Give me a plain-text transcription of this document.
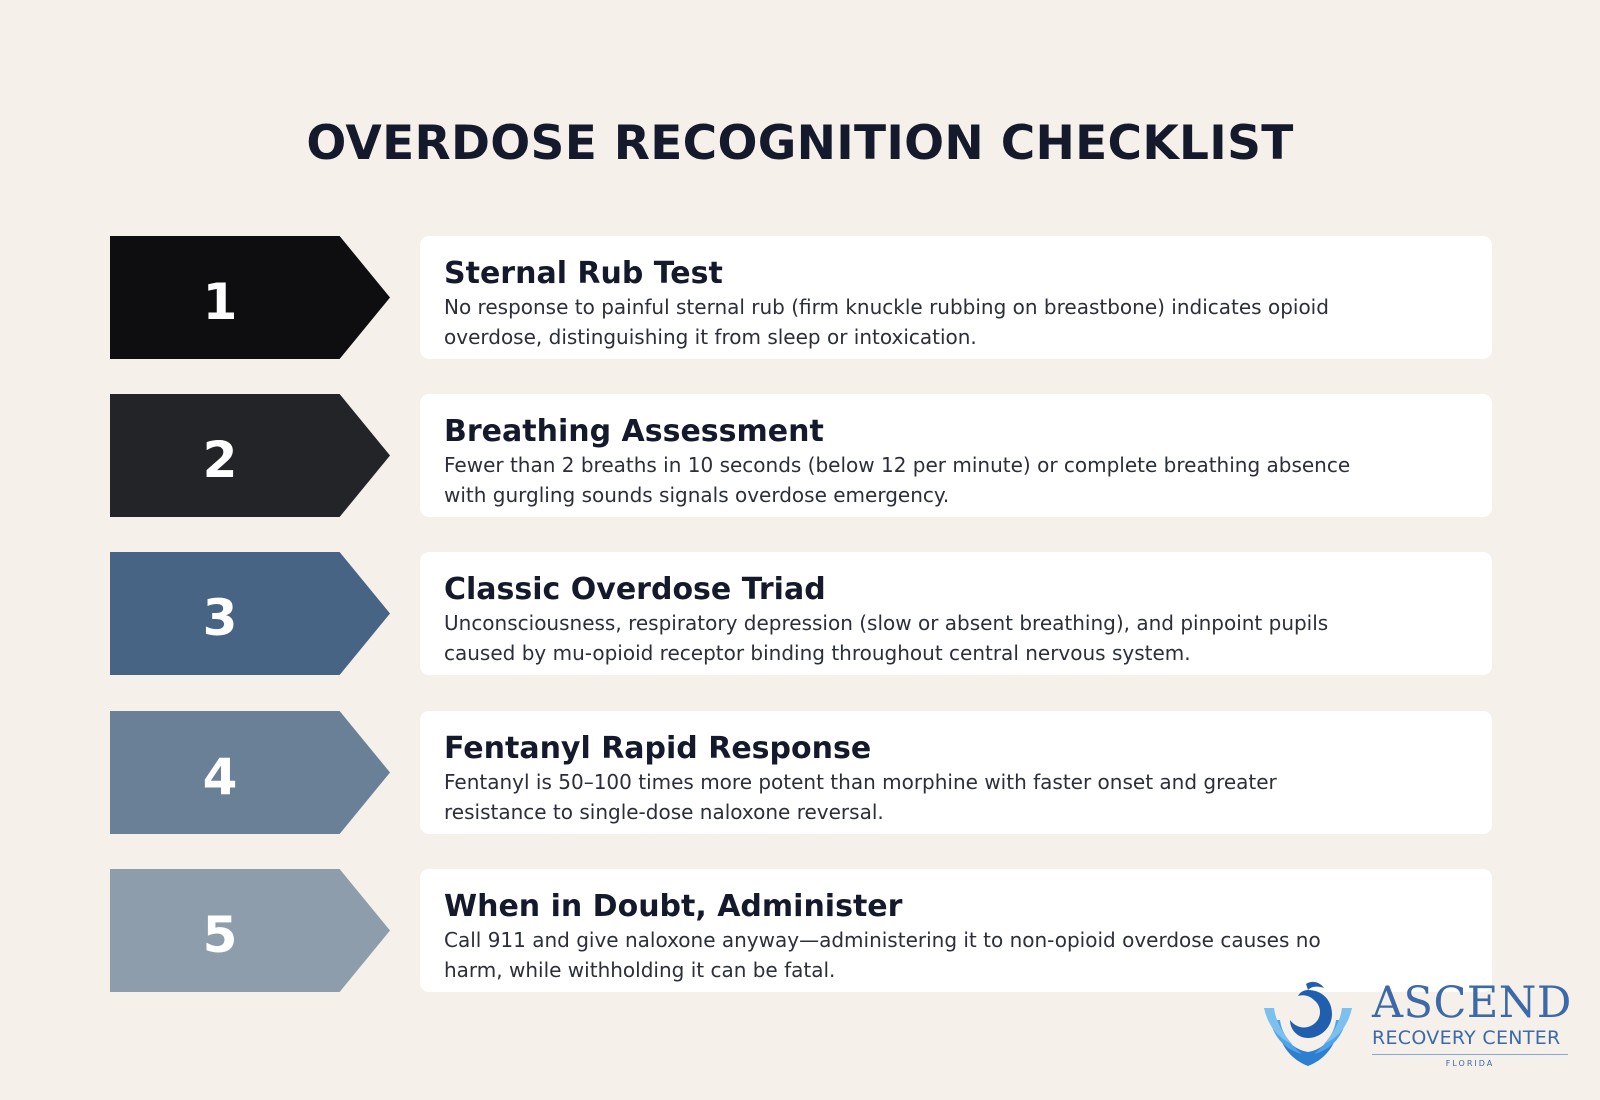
OVERDOSE RECOGNITION CHECKLIST
1	Sternal Rub Test

No response to painful sternal rub (firm knuckle rubbing on breastbone) indicates opioid overdose, distinguishing it from sleep or intoxication.

2	Breathing Assessment

Fewer than 2 breaths in 10 seconds (below 12 per minute) or complete breathing absence with gurgling sounds signals overdose emergency.

3	Classic Overdose Triad

Unconsciousness, respiratory depression (slow or absent breathing), and pinpoint pupils caused by mu-opioid receptor binding throughout central nervous system.

4	Fentanyl Rapid Response

Fentanyl is 50–100 times more potent than morphine with faster onset and greater resistance to single-dose naloxone reversal.

5	When in Doubt, Administer

Call 911 and give naloxone anyway—administering it to non-opioid overdose causes no harm, while withholding it can be fatal.

ASCEND
RECOVERY CENTER
FLORIDA
